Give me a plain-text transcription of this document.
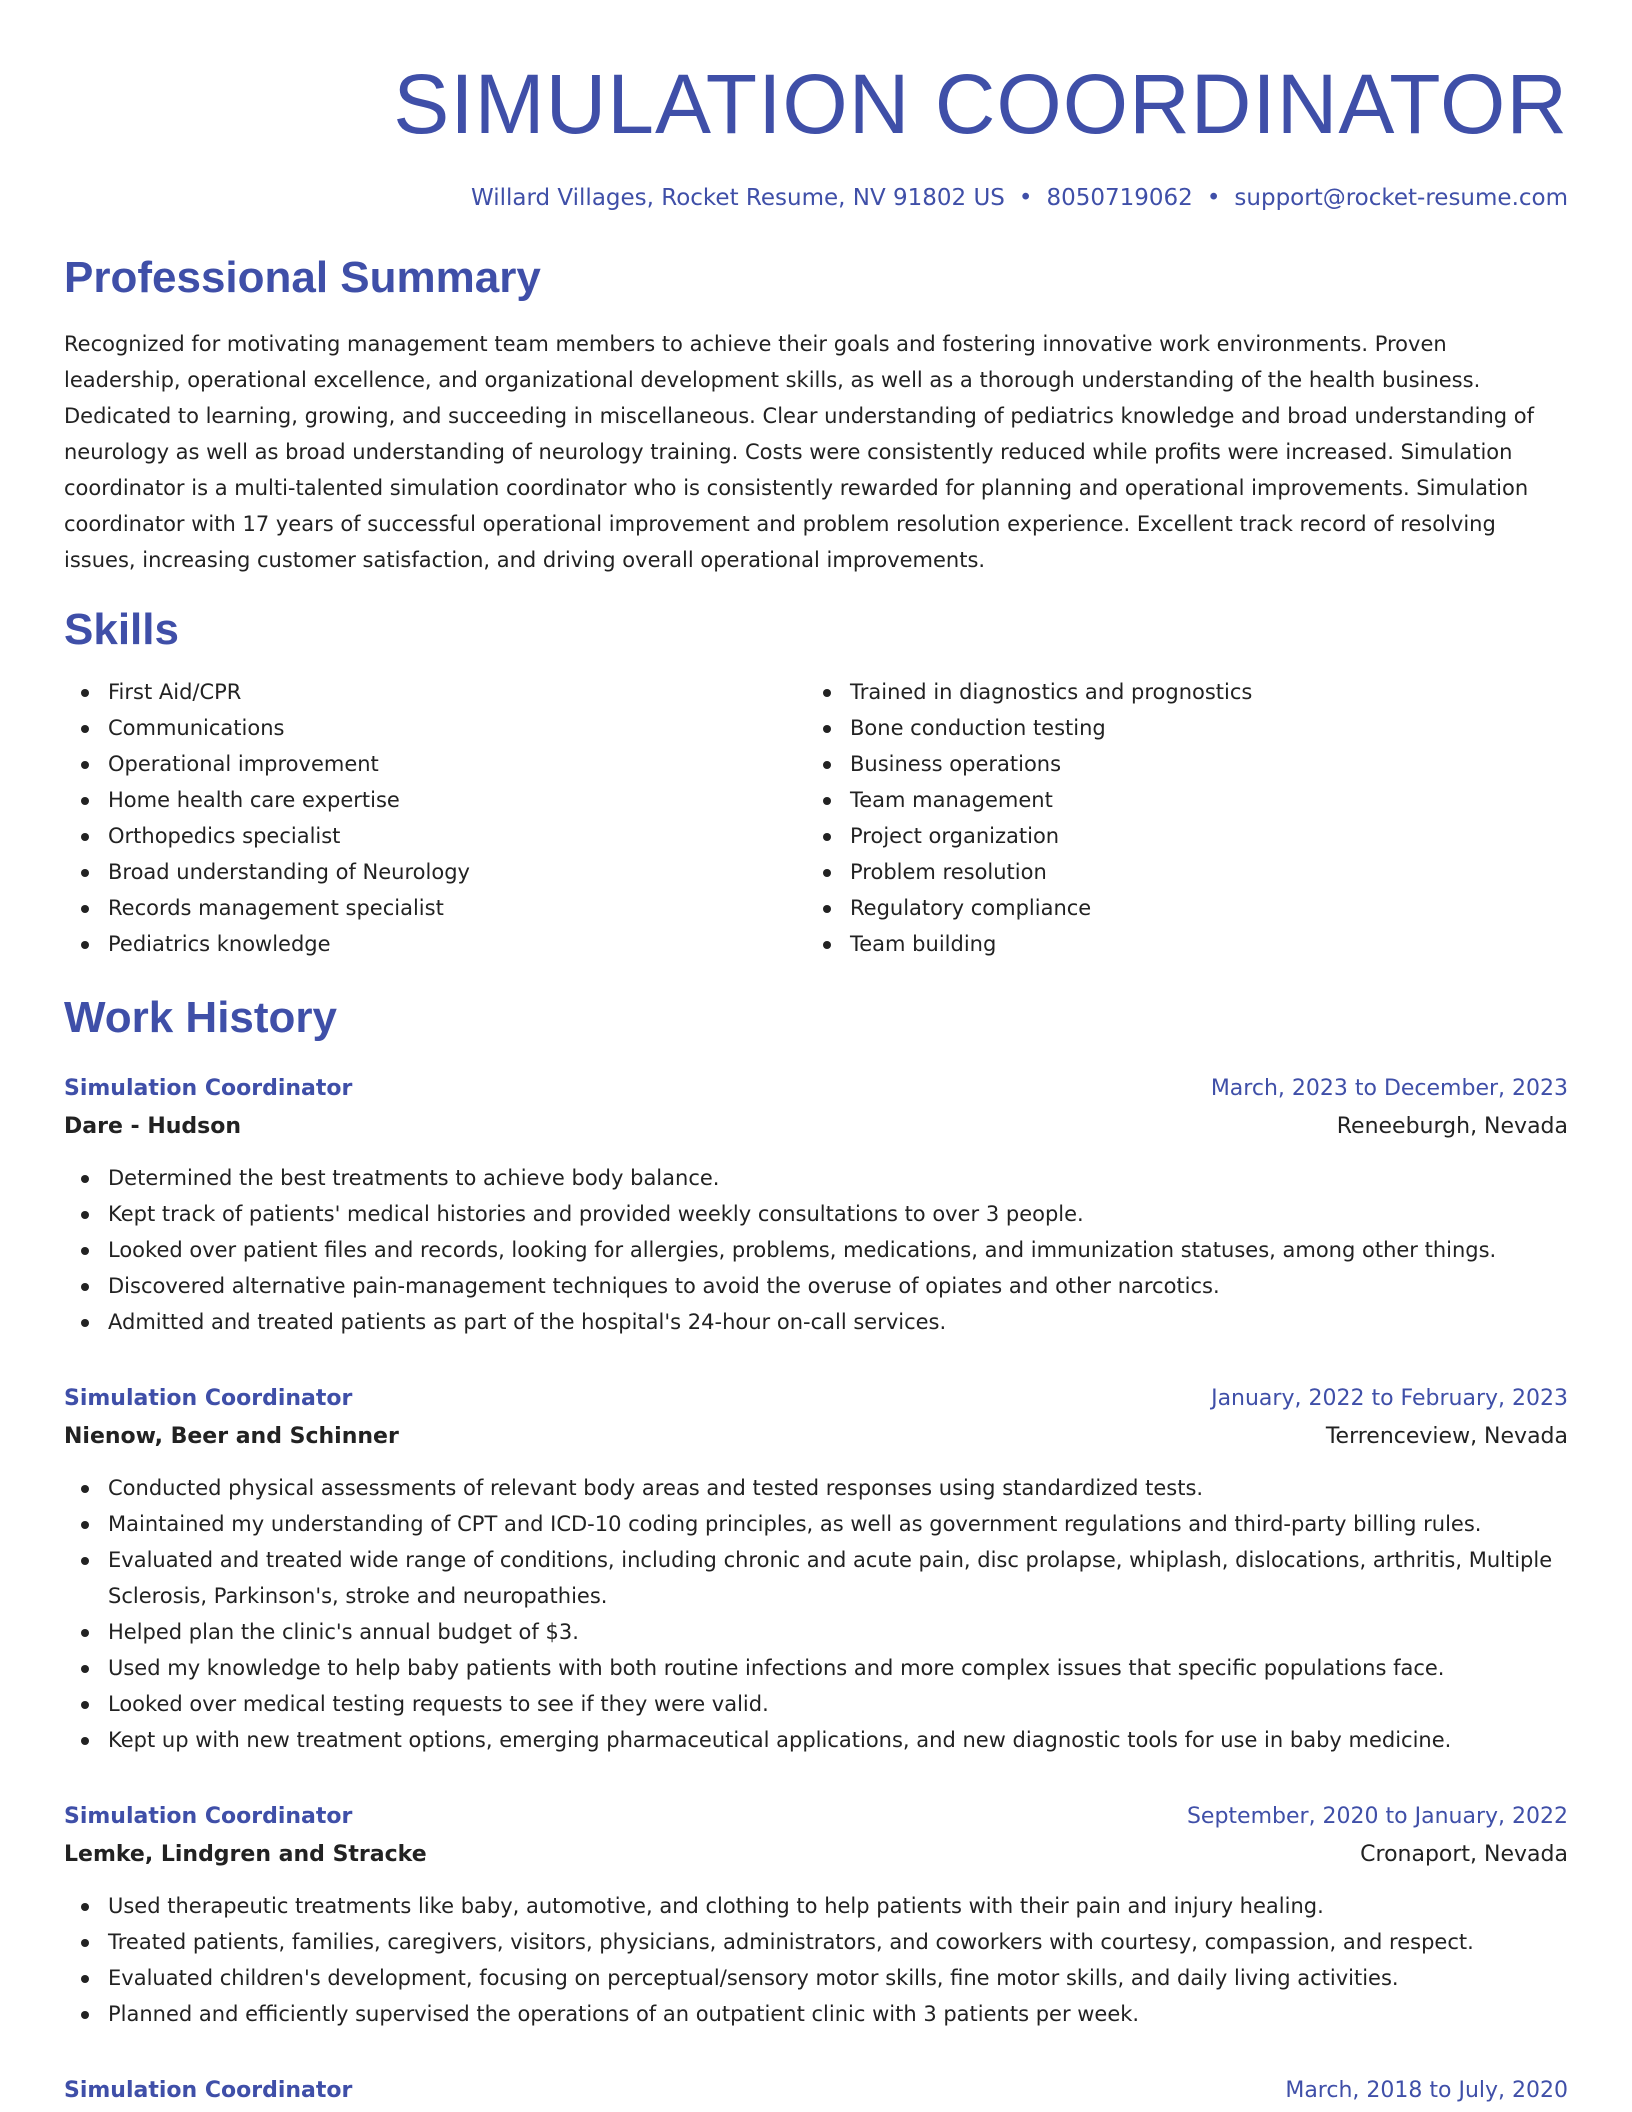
SIMULATION COORDINATOR
Willard Villages, Rocket Resume, NV 91802 US • 8050719062 • support@rocket-resume.com
Professional Summary
Recognized for motivating management team members to achieve their goals and fostering innovative work environments. Proven leadership, operational excellence, and organizational development skills, as well as a thorough understanding of the health business. Dedicated to learning, growing, and succeeding in miscellaneous. Clear understanding of pediatrics knowledge and broad understanding of neurology as well as broad understanding of neurology training. Costs were consistently reduced while profits were increased. Simulation coordinator is a multi-talented simulation coordinator who is consistently rewarded for planning and operational improvements. Simulation coordinator with 17 years of successful operational improvement and problem resolution experience. Excellent track record of resolving issues, increasing customer satisfaction, and driving overall operational improvements.
Skills
First Aid/CPR
Communications
Operational improvement
Home health care expertise
Orthopedics specialist
Broad understanding of Neurology
Records management specialist
Pediatrics knowledge
Trained in diagnostics and prognostics
Bone conduction testing
Business operations
Team management
Project organization
Problem resolution
Regulatory compliance
Team building
Work History
Simulation Coordinator	March, 2023 to December, 2023
Dare - Hudson	Reneeburgh, Nevada
Determined the best treatments to achieve body balance.
Kept track of patients' medical histories and provided weekly consultations to over 3 people.
Looked over patient files and records, looking for allergies, problems, medications, and immunization statuses, among other things.
Discovered alternative pain-management techniques to avoid the overuse of opiates and other narcotics.
Admitted and treated patients as part of the hospital's 24-hour on-call services.
Simulation Coordinator	January, 2022 to February, 2023
Nienow, Beer and Schinner	Terrenceview, Nevada
Conducted physical assessments of relevant body areas and tested responses using standardized tests.
Maintained my understanding of CPT and ICD-10 coding principles, as well as government regulations and third-party billing rules.
Evaluated and treated wide range of conditions, including chronic and acute pain, disc prolapse, whiplash, dislocations, arthritis, Multiple Sclerosis, Parkinson's, stroke and neuropathies.
Helped plan the clinic's annual budget of $3.
Used my knowledge to help baby patients with both routine infections and more complex issues that specific populations face.
Looked over medical testing requests to see if they were valid.
Kept up with new treatment options, emerging pharmaceutical applications, and new diagnostic tools for use in baby medicine.
Simulation Coordinator	September, 2020 to January, 2022
Lemke, Lindgren and Stracke	Cronaport, Nevada
Used therapeutic treatments like baby, automotive, and clothing to help patients with their pain and injury healing.
Treated patients, families, caregivers, visitors, physicians, administrators, and coworkers with courtesy, compassion, and respect.
Evaluated children's development, focusing on perceptual/sensory motor skills, fine motor skills, and daily living activities.
Planned and efficiently supervised the operations of an outpatient clinic with 3 patients per week.
Simulation Coordinator	March, 2018 to July, 2020
